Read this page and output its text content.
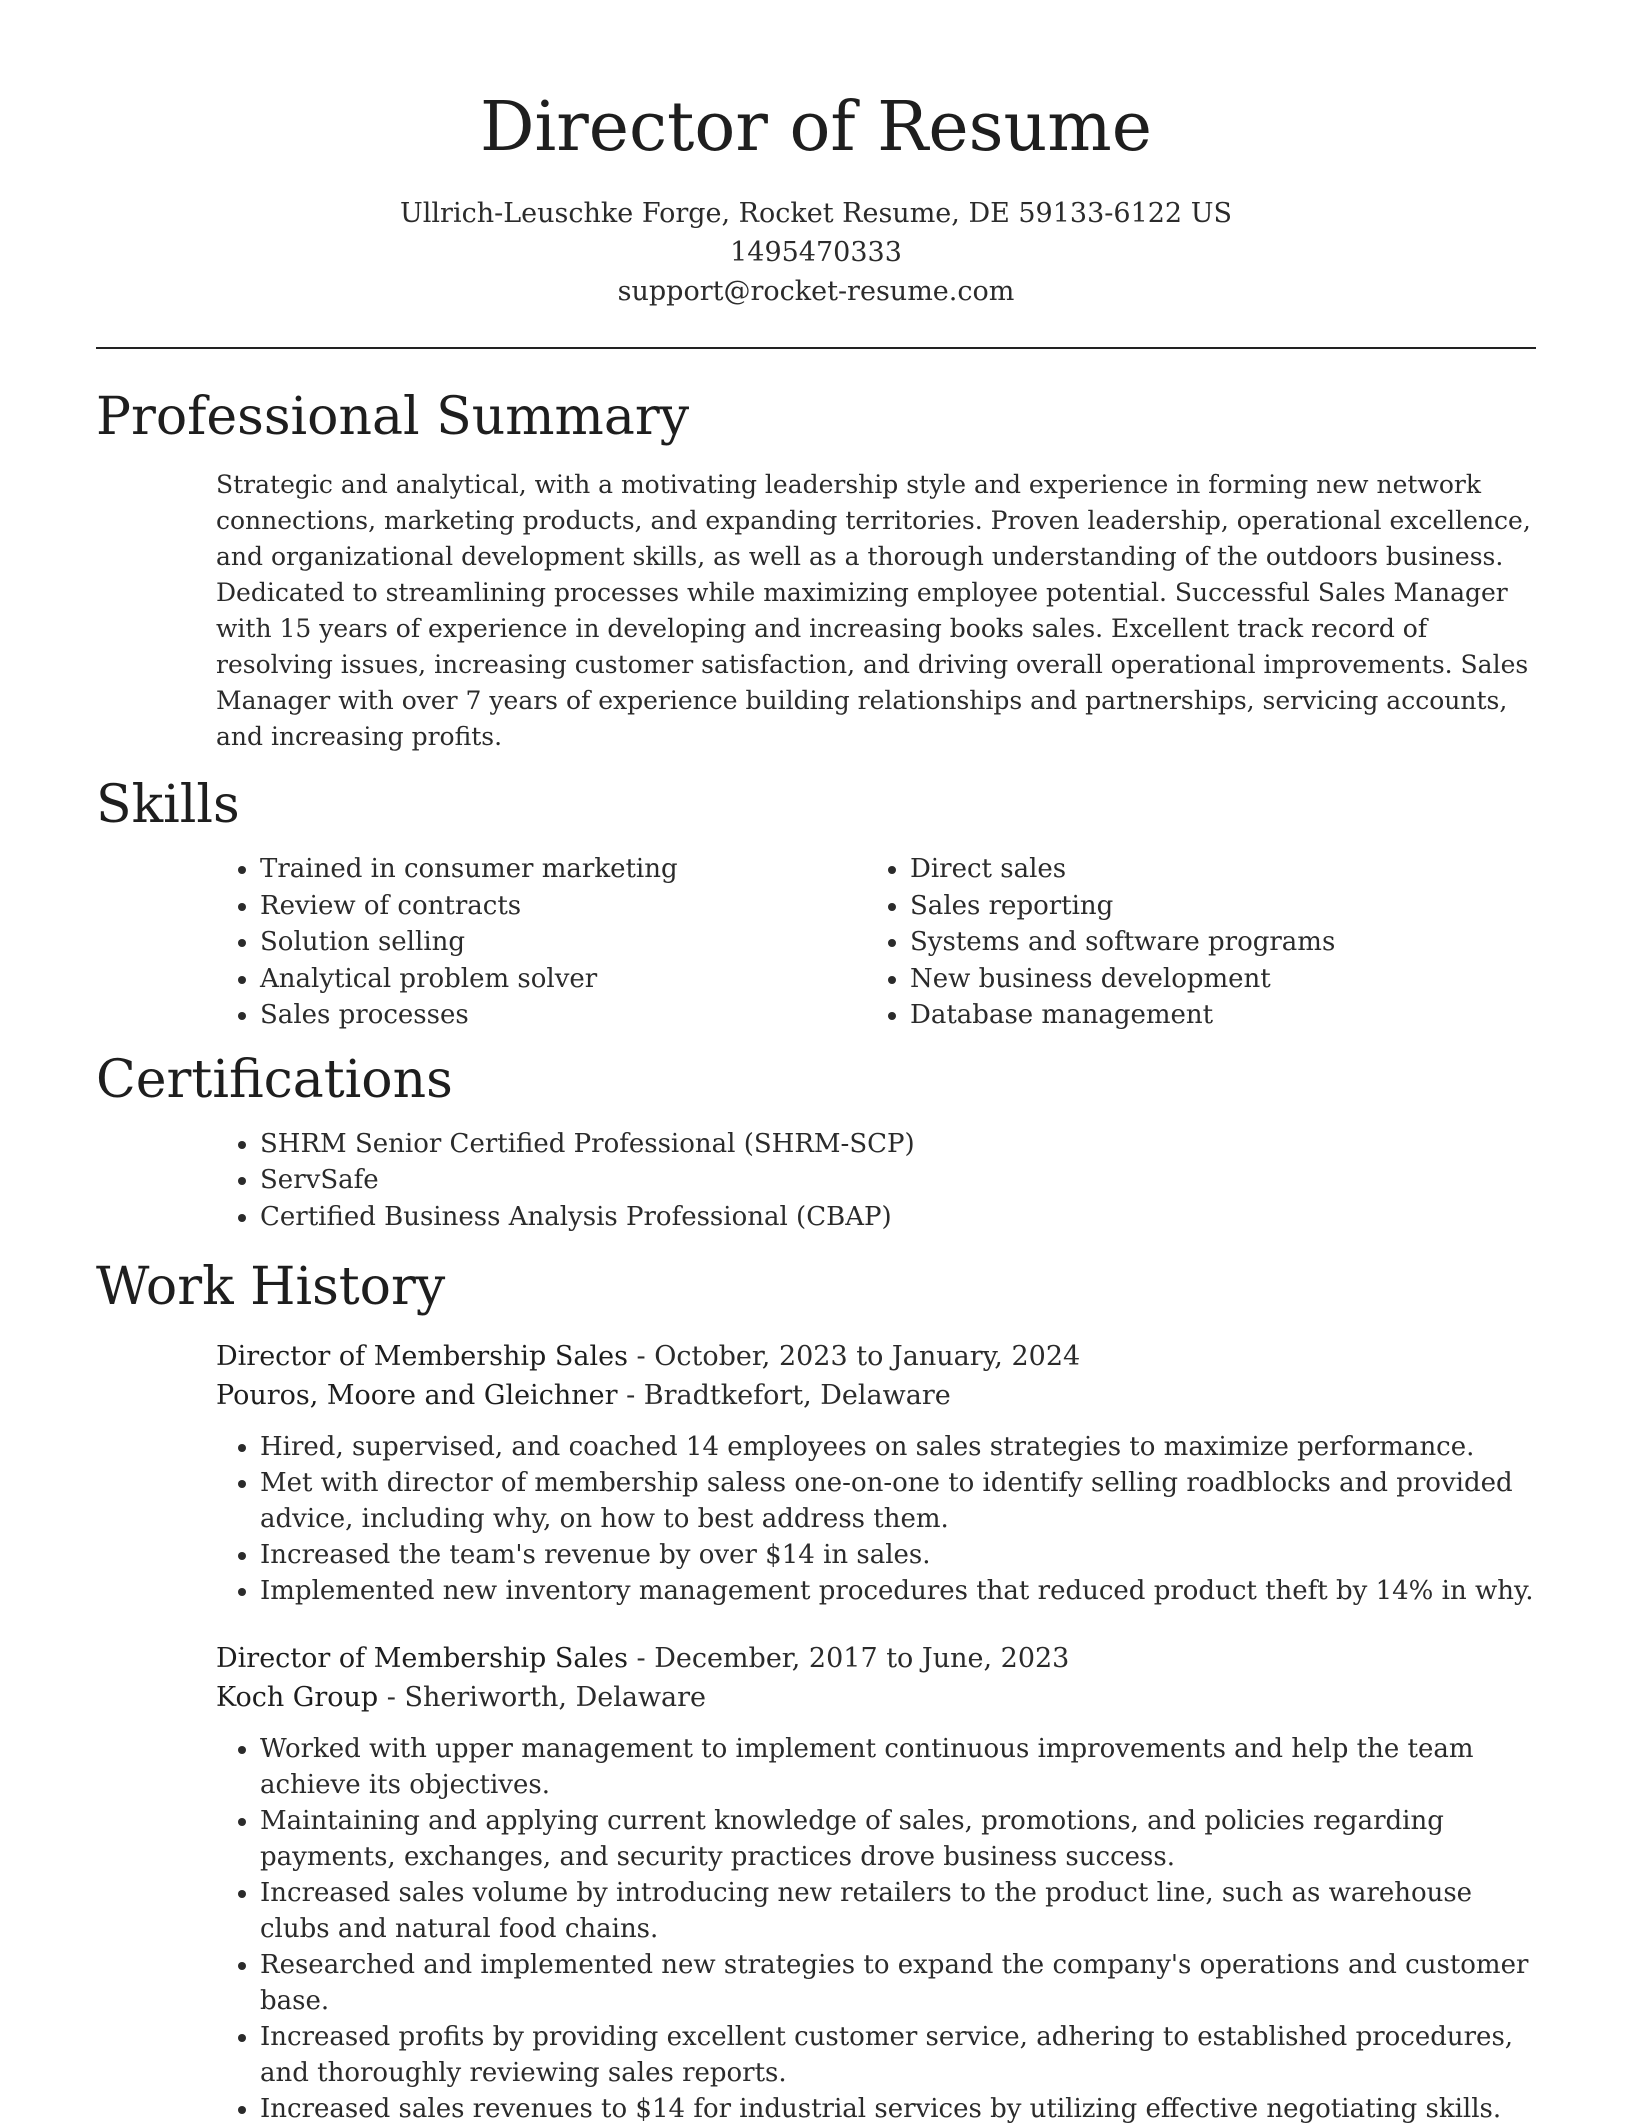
Director of Resume
Ullrich-Leuschke Forge, Rocket Resume, DE 59133-6122 US
1495470333
support@rocket-resume.com
Professional Summary

Strategic and analytical, with a motivating leadership style and experience in forming new network connections, marketing products, and expanding territories. Proven leadership, operational excellence, and organizational development skills, as well as a thorough understanding of the outdoors business. Dedicated to streamlining processes while maximizing employee potential. Successful Sales Manager with 15 years of experience in developing and increasing books sales. Excellent track record of resolving issues, increasing customer satisfaction, and driving overall operational improvements. Sales Manager with over 7 years of experience building relationships and partnerships, servicing accounts, and increasing profits.

Skills
• Trained in consumer marketing
• Review of contracts
• Solution selling
• Analytical problem solver
• Sales processes
• Direct sales
• Sales reporting
• Systems and software programs
• New business development
• Database management
Certifications
• SHRM Senior Certified Professional (SHRM-SCP)
• ServSafe
• Certified Business Analysis Professional (CBAP)
Work History
Director of Membership Sales - October, 2023 to January, 2024
Pouros, Moore and Gleichner - Bradtkefort, Delaware
• Hired, supervised, and coached 14 employees on sales strategies to maximize performance.
• Met with director of membership saless one-on-one to identify selling roadblocks and provided advice, including why, on how to best address them.
• Increased the team's revenue by over $14 in sales.
• Implemented new inventory management procedures that reduced product theft by 14% in why.
Director of Membership Sales - December, 2017 to June, 2023
Koch Group - Sheriworth, Delaware
• Worked with upper management to implement continuous improvements and help the team achieve its objectives.
• Maintaining and applying current knowledge of sales, promotions, and policies regarding payments, exchanges, and security practices drove business success.
• Increased sales volume by introducing new retailers to the product line, such as warehouse clubs and natural food chains.
• Researched and implemented new strategies to expand the company's operations and customer base.
• Increased profits by providing excellent customer service, adhering to established procedures, and thoroughly reviewing sales reports.
• Increased sales revenues to $14 for industrial services by utilizing effective negotiating skills.
